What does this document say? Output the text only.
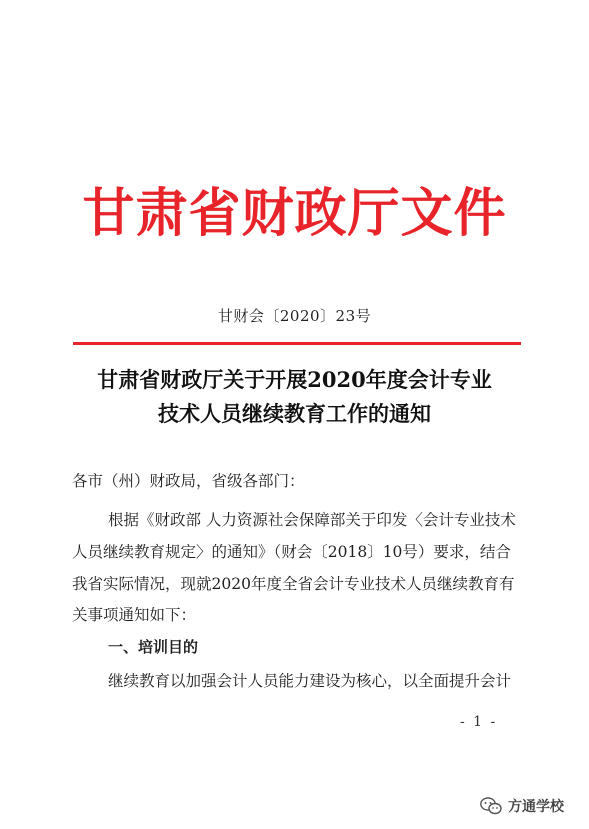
甘肃省财政厅文件
甘财会〔2020〕23号
甘肃省财政厅关于开展2020年度会计专业
技术人员继续教育工作的通知
各市（州）财政局，省级各部门：
根据《财政部 人力资源社会保障部关于印发〈会计专业技术
人员继续教育规定〉的通知》（财会〔2018〕10号）要求，结合
我省实际情况，现就2020年度全省会计专业技术人员继续教育有
关事项通知如下：
一、培训目的
继续教育以加强会计人员能力建设为核心，以全面提升会计
- 1 -
方通学校
